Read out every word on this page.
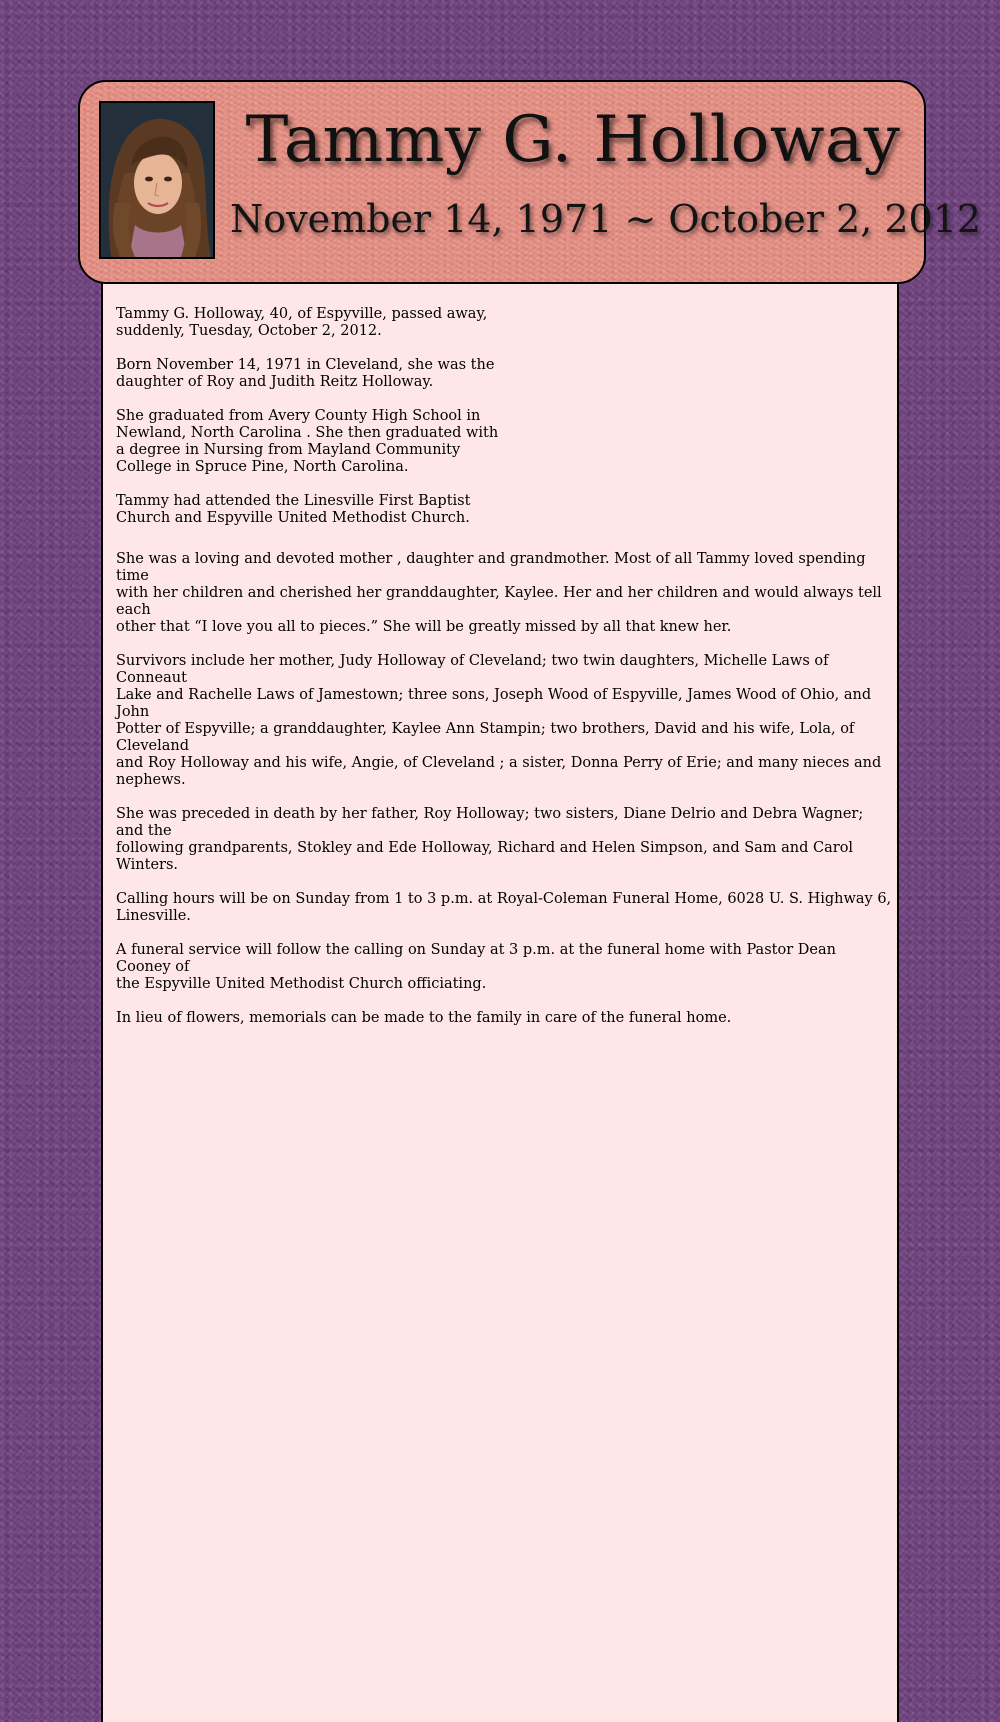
Tammy G. Holloway
November 14, 1971 ~ October 2, 2012

Tammy G. Holloway, 40, of Espyville, passed away,
suddenly, Tuesday, October 2, 2012.

Born November 14, 1971 in Cleveland, she was the
daughter of Roy and Judith Reitz Holloway.

She graduated from Avery County High School in
Newland, North Carolina . She then graduated with
a degree in Nursing from Mayland Community
College in Spruce Pine, North Carolina.

Tammy had attended the Linesville First Baptist
Church and Espyville United Methodist Church.

She was a loving and devoted mother , daughter and grandmother. Most of all Tammy loved spending time
with her children and cherished her granddaughter, Kaylee. Her and her children and would always tell each
other that “I love you all to pieces.” She will be greatly missed by all that knew her.

Survivors include her mother, Judy Holloway of Cleveland; two twin daughters, Michelle Laws of Conneaut
Lake and Rachelle Laws of Jamestown; three sons, Joseph Wood of Espyville, James Wood of Ohio, and John
Potter of Espyville; a granddaughter, Kaylee Ann Stampin; two brothers, David and his wife, Lola, of Cleveland
and Roy Holloway and his wife, Angie, of Cleveland ; a sister, Donna Perry of Erie; and many nieces and
nephews.

She was preceded in death by her father, Roy Holloway; two sisters, Diane Delrio and Debra Wagner; and the
following grandparents, Stokley and Ede Holloway, Richard and Helen Simpson, and Sam and Carol Winters.

Calling hours will be on Sunday from 1 to 3 p.m. at Royal-Coleman Funeral Home, 6028 U. S. Highway 6,
Linesville.

A funeral service will follow the calling on Sunday at 3 p.m. at the funeral home with Pastor Dean Cooney of
the Espyville United Methodist Church officiating.

In lieu of flowers, memorials can be made to the family in care of the funeral home.
